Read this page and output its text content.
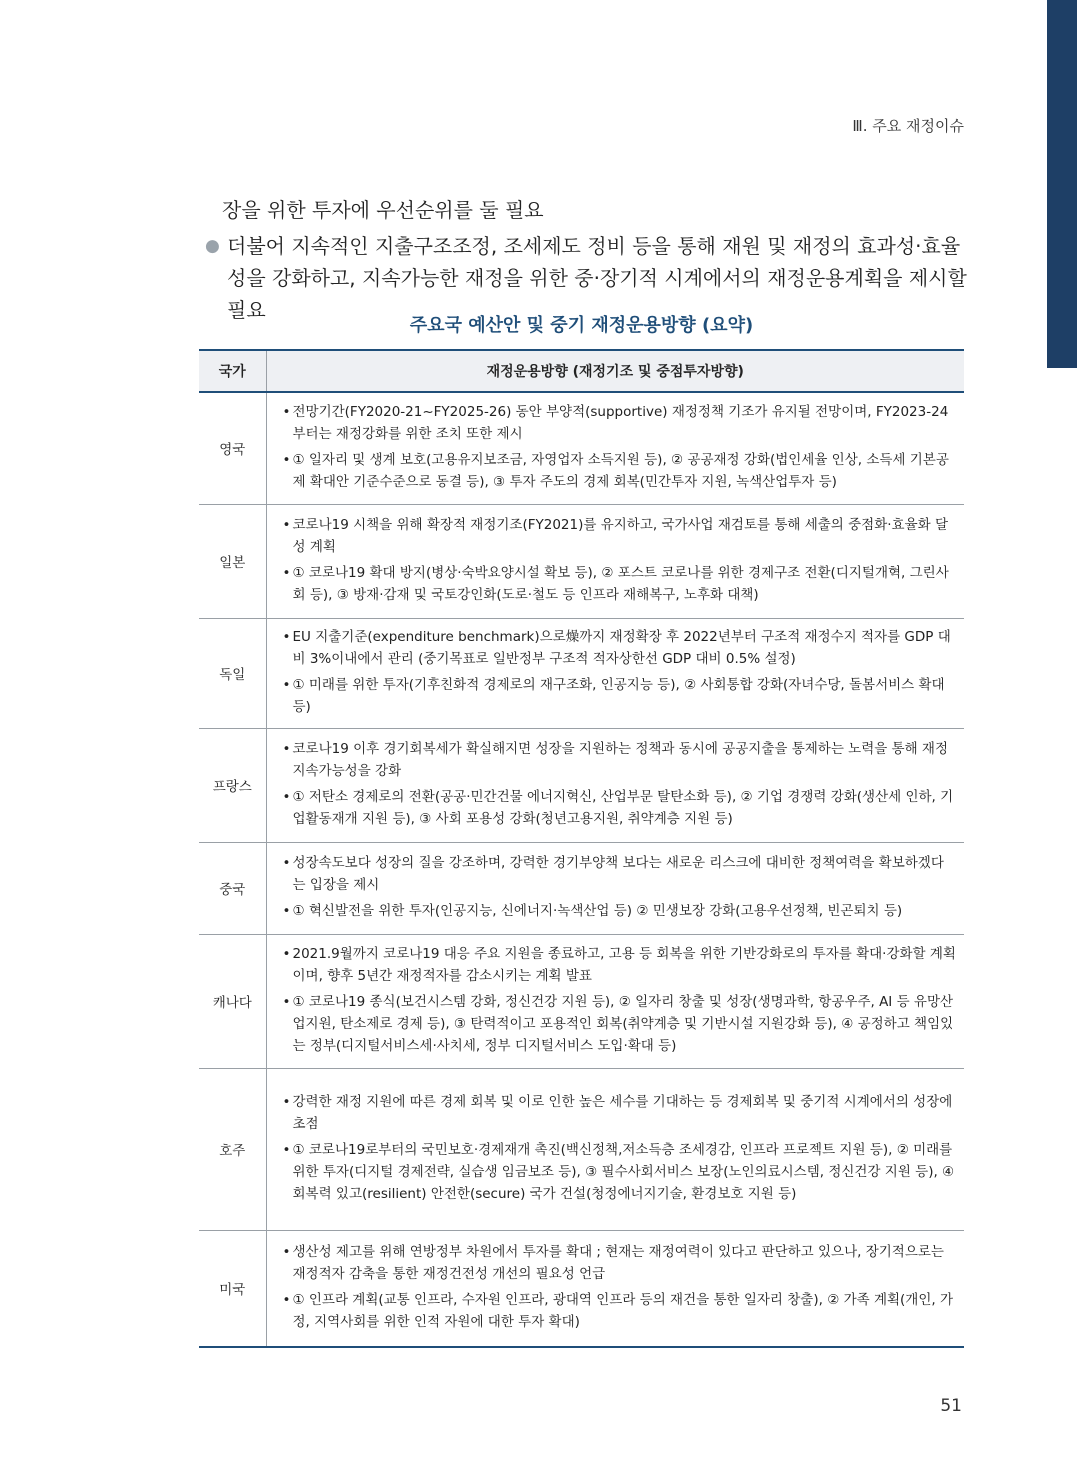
Ⅲ. 주요 재정이슈
장을 위한 투자에 우선순위를 둘 필요
● 더불어 지속적인 지출구조조정, 조세제도 정비 등을 통해 재원 및 재정의 효과성·효율성을 강화하고, 지속가능한 재정을 위한 중·장기적 시계에서의 재정운용계획을 제시할 필요
주요국 예산안 및 중기 재정운용방향 (요약)
국가	재정운용방향 (재정기조 및 중점투자방향)
영국	• 전망기간(FY2020-21~FY2025-26) 동안 부양적(supportive) 재정정책 기조가 유지될 전망이며, FY2023-24부터는 재정강화를 위한 조치 또한 제시
• ① 일자리 및 생계 보호(고용유지보조금, 자영업자 소득지원 등), ② 공공재정 강화(법인세율 인상, 소득세 기본공제 확대안 기준수준으로 동결 등), ③ 투자 주도의 경제 회복(민간투자 지원, 녹색산업투자 등)

일본	• 코로나19 시책을 위해 확장적 재정기조(FY2021)를 유지하고, 국가사업 재검토를 통해 세출의 중점화·효율화 달성 계획
• ① 코로나19 확대 방지(병상·숙박요양시설 확보 등), ② 포스트 코로나를 위한 경제구조 전환(디지털개혁, 그린사회 등), ③ 방재·감재 및 국토강인화(도로·철도 등 인프라 재해복구, 노후화 대책)

독일	• EU 지출기준(expenditure benchmark)으로燥까지 재정확장 후 2022년부터 구조적 재정수지 적자를 GDP 대비 3%이내에서 관리 (중기목표로 일반정부 구조적 적자상한선 GDP 대비 0.5% 설정)
• ① 미래를 위한 투자(기후친화적 경제로의 재구조화, 인공지능 등), ② 사회통합 강화(자녀수당, 돌봄서비스 확대 등)

프랑스	• 코로나19 이후 경기회복세가 확실해지면 성장을 지원하는 정책과 동시에 공공지출을 통제하는 노력을 통해 재정지속가능성을 강화
• ① 저탄소 경제로의 전환(공공·민간건물 에너지혁신, 산업부문 탈탄소화 등), ② 기업 경쟁력 강화(생산세 인하, 기업활동재개 지원 등), ③ 사회 포용성 강화(청년고용지원, 취약계층 지원 등)

중국	• 성장속도보다 성장의 질을 강조하며, 강력한 경기부양책 보다는 새로운 리스크에 대비한 정책여력을 확보하겠다는 입장을 제시
• ① 혁신발전을 위한 투자(인공지능, 신에너지·녹색산업 등) ② 민생보장 강화(고용우선정책, 빈곤퇴치 등)

캐나다	• 2021.9월까지 코로나19 대응 주요 지원을 종료하고, 고용 등 회복을 위한 기반강화로의 투자를 확대·강화할 계획이며, 향후 5년간 재정적자를 감소시키는 계획 발표
• ① 코로나19 종식(보건시스템 강화, 정신건강 지원 등), ② 일자리 창출 및 성장(생명과학, 항공우주, AI 등 유망산업지원, 탄소제로 경제 등), ③ 탄력적이고 포용적인 회복(취약계층 및 기반시설 지원강화 등), ④ 공정하고 책임있는 정부(디지털서비스세·사치세, 정부 디지털서비스 도입·확대 등)

호주	• 강력한 재정 지원에 따른 경제 회복 및 이로 인한 높은 세수를 기대하는 등 경제회복 및 중기적 시계에서의 성장에 초점
• ① 코로나19로부터의 국민보호·경제재개 촉진(백신정책,저소득층 조세경감, 인프라 프로젝트 지원 등), ② 미래를 위한 투자(디지털 경제전략, 실습생 임금보조 등), ③ 필수사회서비스 보장(노인의료시스템, 정신건강 지원 등), ④ 회복력 있고(resilient) 안전한(secure) 국가 건설(청정에너지기술, 환경보호 지원 등)

미국	• 생산성 제고를 위해 연방정부 차원에서 투자를 확대 ; 현재는 재정여력이 있다고 판단하고 있으나, 장기적으로는 재정적자 감축을 통한 재정건전성 개선의 필요성 언급
• ① 인프라 계획(교통 인프라, 수자원 인프라, 광대역 인프라 등의 재건을 통한 일자리 창출), ② 가족 계획(개인, 가정, 지역사회를 위한 인적 자원에 대한 투자 확대)
51
